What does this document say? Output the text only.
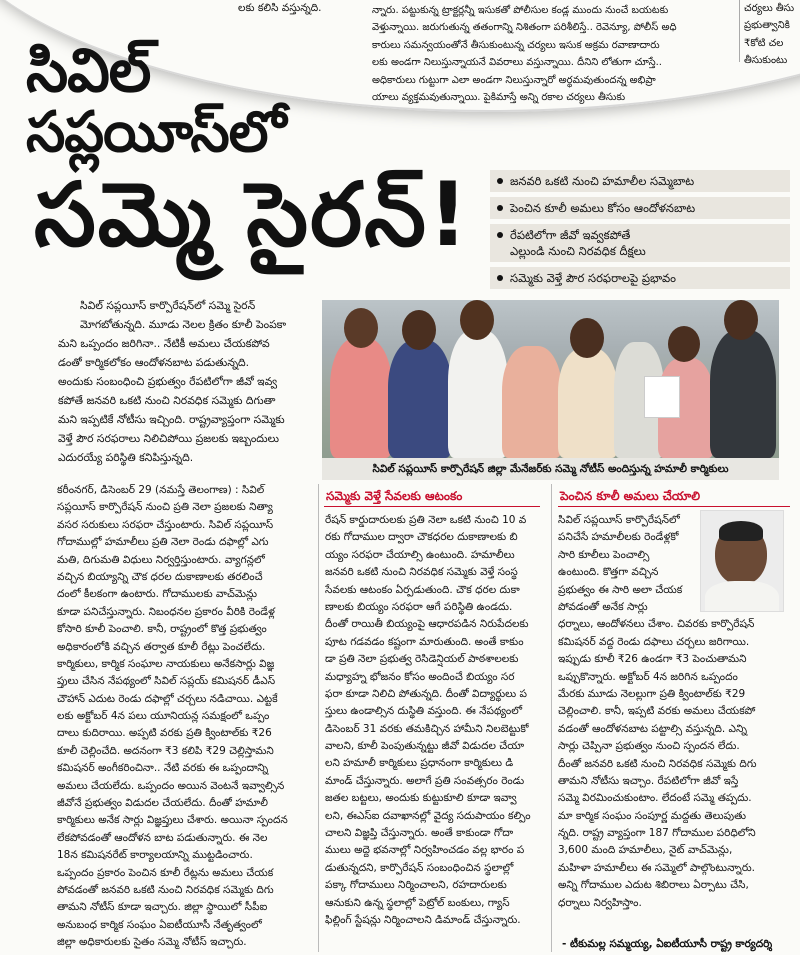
లకు కలిసి వస్తున్నది.	న్నారు. పట్టుకున్న ట్రాక్టర్లన్నీ ఇసుకతో పోలీసుల కండ్ల ముందు నుంచే బయటకు
వెళ్తున్నాయి. జరుగుతున్న తతంగాన్ని నిశితంగా పరిశీలిస్తే.. రెవెన్యూ, పోలీస్ అధి
కారులు సమన్వయంతోనే తీసుకుంటున్న చర్యలు ఇసుక అక్రమ రవాణాదారు
లకు అండగా నిలుస్తున్నాయనే వివరాలు వస్తున్నాయి. దీనిని లోతుగా చూస్తే..
అధికారులు గుట్టుగా ఎలా అండగా నిలుస్తున్నారో అర్థమవుతుందన్న అభిప్రా
యాలు వ్యక్తమవుతున్నాయి. పైకిమాస్తే అన్ని రకాల చర్యలు తీసుకు
చర్యలు తీసు
ప్రభుత్వానికి
₹కోటి చల
తీసుకుంటు
సివిల్
సప్లయీస్‌లో
సమ్మె సైరన్!	జనవరి ఒకటి నుంచి హమాలీల సమ్మెబాట
పెంచిన కూలీ అమలు కోసం ఆందోళనబాట
రేపటిలోగా జీవో ఇవ్వకపోతే
ఎల్లుండి నుంచి నిరవధిక దీక్షలు
సమ్మెకు వెళ్తే పౌర సరఫరాలపై ప్రభావం
సివిల్ సప్లయీస్ కార్పొరేషన్‌లో సమ్మె సైరన్
మోగబోతున్నది. మూడు నెలల క్రితం కూలీ పెంపకా
మని ఒప్పందం జరిగినా.. నేటికీ అమలు చేయకపోవ
డంతో కార్మికలోకం ఆందోళనబాట పడుతున్నది.
అందుకు సంబంధించి ప్రభుత్వం రేపటిలోగా జీవో ఇవ్వ
కపోతే జనవరి ఒకటి నుంచి నిరవధిక సమ్మెకు దిగుతా
మని ఇప్పటికే నోటీసు ఇచ్చింది. రాష్ట్రవ్యాప్తంగా సమ్మెకు
వెళ్తే పౌర సరఫరాలు నిలిచిపోయి ప్రజలకు ఇబ్బందులు
ఎదురయ్యే పరిస్థితి కనిపిస్తున్నది.
సివిల్ సప్లయీస్ కార్పొరేషన్ జిల్లా మేనేజర్‌కు సమ్మె నోటీస్ అందిస్తున్న హమాలీ కార్మికులు
కరీంనగర్, డిసెంబర్ 29 (నమస్తే తెలంగాణ) : సివిల్
సప్లయీస్ కార్పొరేషన్ నుంచి ప్రతి నెలా ప్రజలకు నిత్యా
వసర సరుకులు సరఫరా చేస్తుంటారు. సివిల్ సప్లయీస్
గోదాముల్లో హమాలీలు ప్రతి నెలా రెండు దఫాల్లో ఎగు
మతి, దిగుమతి విధులు నిర్వర్తిస్తుంటారు. వ్యాగన్లలో
వచ్చిన బియ్యాన్ని చౌక ధరల దుకాణాలకు తరలించే
దంలో కీలకంగా ఉంటారు. గోదాములకు వాచ్‌మెన్లు
కూడా పనిచేస్తున్నారు. నిబంధనల ప్రకారం వీరికి రెండేళ్ల
కోసారి కూలీ పెంచాలి. కానీ, రాష్ట్రంలో కొత్త ప్రభుత్వం
అధికారంలోకి వచ్చిన తర్వాత కూలీ రేట్లు పెంచలేదు.
కార్మికులు, కార్మిక సంఘాల నాయకులు అనేకసార్లు విజ్ఞ
ప్తులు చేసిన నేపథ్యంలో సివిల్ సప్లయ్ కమిషనర్ డీఎస్
చౌహాన్ ఎదుట రెండు దఫాల్లో చర్చలు నడిచాయి. ఎట్టకే
లకు అక్టోబర్ 4న పలు యూనియన్ల సమక్షంలో ఒప్పం
దాలు కుదిరాయి. అప్పటి వరకు ప్రతి క్వింటాల్‌కు ₹26
కూలీ చెల్లించేది. అదనంగా ₹3 కలిపి ₹29 చెల్లిస్తామని
కమిషనర్ అంగీకరించినా.. నేటి వరకు ఈ ఒప్పందాన్ని
అమలు చేయలేదు. ఒప్పందం అయిన వెంటనే ఇవ్వాల్సిన
జీవోనే ప్రభుత్వం విడుదల చేయలేదు. దీంతో హమాలీ
కార్మికులు అనేక సార్లు విజ్ఞప్తులు చేశారు. అయినా స్పందన
లేకపోవడంతో ఆందోళన బాట పడుతున్నారు. ఈ నెల
18న కమిషనరేట్ కార్యాలయాన్ని ముట్టడించారు.
ఒప్పందం ప్రకారం పెంచిన కూలీ రేట్లను అమలు చేయక
పోవడంతో జనవరి ఒకటి నుంచి నిరవధిక సమ్మెకు దిగు
తామని నోటీస్ కూడా ఇచ్చారు. జిల్లా స్థాయిలో సీపీఐ
అనుబంధ కార్మిక సంఘం ఏఐటీయూసీ నేతృత్వంలో
జిల్లా అధికారులకు సైతం సమ్మె నోటీస్ ఇచ్చారు.
సమ్మెకు వెళ్తే సేవలకు ఆటంకం
రేషన్ కార్డుదారులకు ప్రతి నెలా ఒకటి నుంచి 10 వ
రకు గోదాముల ద్వారా చౌకధరల దుకాణాలకు బి
య్యం సరఫరా చేయాల్సి ఉంటుంది. హమాలీలు
జనవరి ఒకటి నుంచి నిరవధిక సమ్మెకు వెళ్తే సంస్థ
సేవలకు ఆటంకం ఏర్పడుతుంది. చౌక ధరల దుకా
ణాలకు బియ్యం సరఫరా ఆగే పరిస్థితి ఉండదు.
దీంతో రాయితీ బియ్యంపై ఆధారపడిన నిరుపేదలకు
పూట గడవడం కష్టంగా మారుతుంది. అంతే కాకుం
డా ప్రతి నెలా ప్రభుత్వ రెసిడెన్షియల్ పాఠశాలలకు
మధ్యాహ్న భోజనం కోసం అందించే బియ్యం సర
ఫరా కూడా నిలిచి పోతున్నది. దీంతో విద్యార్థులు ప
స్తులు ఉండాల్సిన దుస్థితి వస్తుంది. ఈ నేపథ్యంలో
డిసెంబర్ 31 వరకు తమకిచ్చిన హామీని నిలబెట్టుకో
వాలని, కూలీ పెంపుతున్నట్టు జీవో విడుదల చేయా
లని హమాలీ కార్మికులు ప్రధానంగా కార్మికులు డి
మాండ్ చేస్తున్నారు. అలాగే ప్రతి సంవత్సరం రెండు
జతల బట్టలు, అందుకు కుట్టుకూలి కూడా ఇవ్వా
లని, ఈఎస్ఐ దవాఖానల్లో వైద్య సదుపాయం కల్పిం
చాలని విజ్ఞప్తి చేస్తున్నారు. అంతే కాకుండా గోదా
ములు అద్దె భవనాల్లో నిర్వహించడం వల్ల భారం ప
డుతున్నదని, కార్పొరేషన్ సంబంధించిన స్థలాల్లో
పక్కా గోదాములు నిర్మించాలని, రహదారులకు
ఆనుకుని ఉన్న స్థలాల్లో పెట్రోల్ బంకులు, గ్యాస్
ఫిల్లింగ్ స్టేషన్లు నిర్మించాలని డిమాండ్ చేస్తున్నారు.
పెంచిన కూలీ అమలు చేయాలి
సివిల్ సప్లయీస్ కార్పొరేషన్‌లో
పనిచేసే హమాలీలకు రెండేళ్లకో
సారి కూలీలు పెంచాల్సి
ఉంటుంది. కొత్తగా వచ్చిన
ప్రభుత్వం ఈ సారి అలా చేయక
పోవడంతో అనేక సార్లు
ధర్నాలు, ఆందోళనలు చేశాం. చివరకు కార్పొరేషన్
కమిషనర్ వద్ద రెండు దఫాలు చర్చలు జరిగాయి.
ఇప్పుడు కూలీ ₹26 ఉండగా ₹3 పెంచుతామని
ఒప్పుకొన్నారు. అక్టోబర్ 4న జరిగిన ఒప్పందం
మేరకు మూడు నెలల్లుగా ప్రతి క్వింటాల్‌కు ₹29
చెల్లించాలి. కానీ, ఇప్పటి వరకు అమలు చేయకపో
వడంతో ఆందోళనబాట పట్టాల్సి వస్తున్నది. ఎన్ని
సార్లు చెప్పినా ప్రభుత్వం నుంచి స్పందన లేదు.
దీంతో జనవరి ఒకటి నుంచి నిరవధిక సమ్మెకు దిగు
తామని నోటీసు ఇచ్చాం. రేపటిలోగా జీవో ఇస్తే
సమ్మె విరమించుకుంటాం. లేదంటే సమ్మె తప్పదు.
మా కార్మిక సంఘం సంపూర్ణ మద్దతు తెలుపుతు
న్నది. రాష్ట్ర వ్యాప్తంగా 187 గోదాముల పరిధిలోని
3,600 మంది హమాలీలు, నైట్ వాచ్‌మెన్లు,
మహిళా హమాలీలు ఈ సమ్మెలో పాల్గొంటున్నారు.
అన్ని గోదాముల ఎదుట శిబిరాలు ఏర్పాటు చేసి,
ధర్నాలు నిర్వహిస్తాం.
- టీకుమల్ల సమ్మయ్య, ఏఐటీయూసీ రాష్ట్ర కార్యదర్శి
